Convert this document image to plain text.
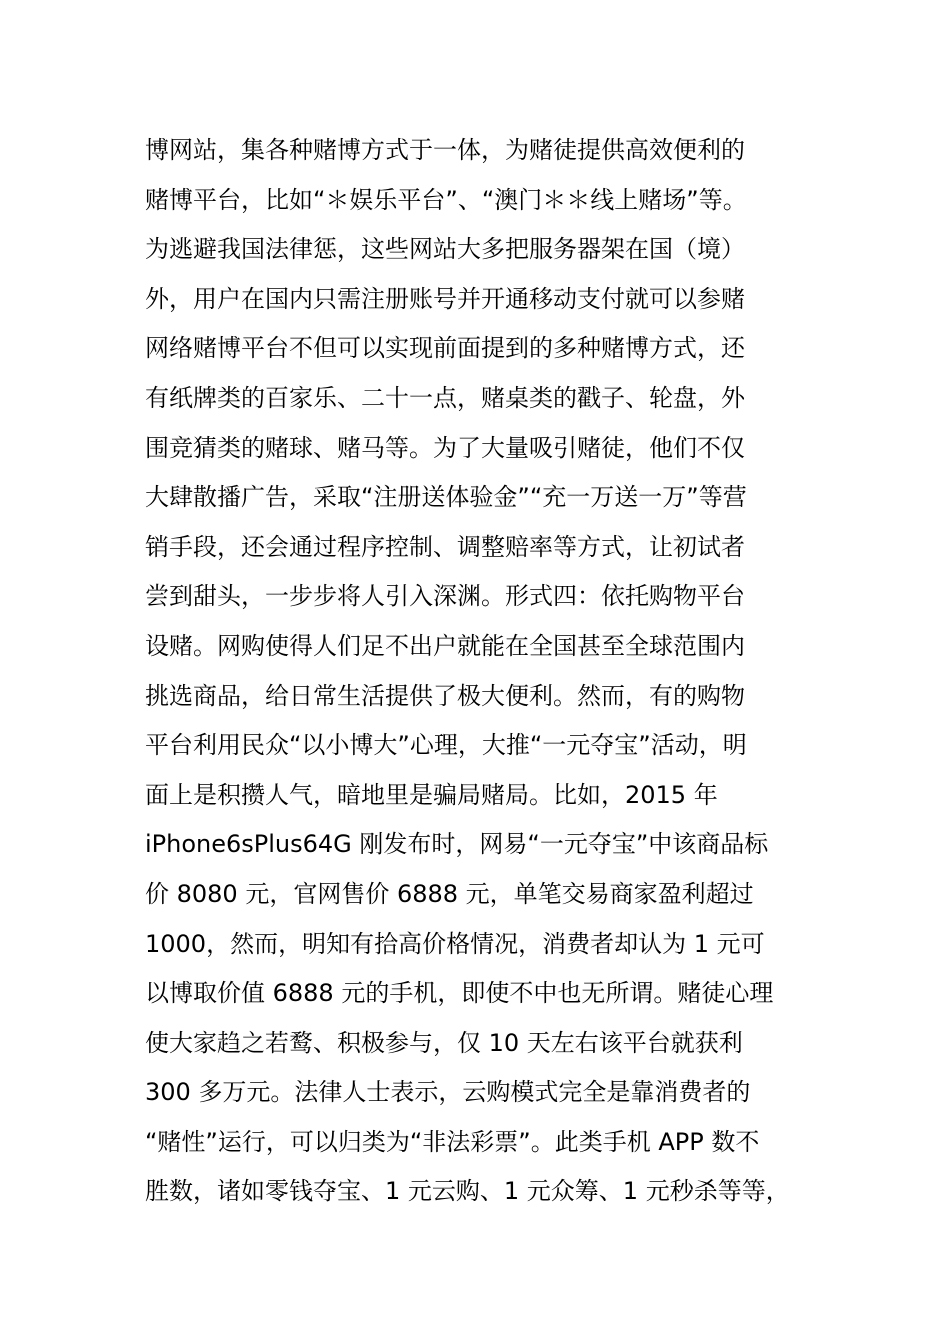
博网站，集各种赌博方式于一体，为赌徒提供高效便利的
赌博平台，比如“＊娱乐平台”、“澳门＊＊线上赌场”等。
为逃避我国法律惩，这些网站大多把服务器架在国（境）
外，用户在国内只需注册账号并开通移动支付就可以参赌
网络赌博平台不但可以实现前面提到的多种赌博方式，还
有纸牌类的百家乐、二十一点，赌桌类的戳子、轮盘，外
围竞猜类的赌球、赌马等。为了大量吸引赌徒，他们不仅
大肆散播广告，采取“注册送体验金”“充一万送一万”等营
销手段，还会通过程序控制、调整赔率等方式，让初试者
尝到甜头，一步步将人引入深渊。形式四：依托购物平台
设赌。网购使得人们足不出户就能在全国甚至全球范围内
挑选商品，给日常生活提供了极大便利。然而，有的购物
平台利用民众“以小博大”心理，大推“一元夺宝”活动，明
面上是积攒人气，暗地里是骗局赌局。比如，2015 年
iPhone6sPlus64G 刚发布时，网易“一元夺宝”中该商品标
价 8080 元，官网售价 6888 元，单笔交易商家盈利超过
1000，然而，明知有拾高价格情况，消费者却认为 1 元可
以博取价值 6888 元的手机，即使不中也无所谓。赌徒心理
使大家趋之若鹜、积极参与，仅 10 天左右该平台就获利
300 多万元。法律人士表示，云购模式完全是靠消费者的
“赌性”运行，可以归类为“非法彩票”。此类手机 APP 数不
胜数，诸如零钱夺宝、1 元云购、1 元众筹、1 元秒杀等等，
